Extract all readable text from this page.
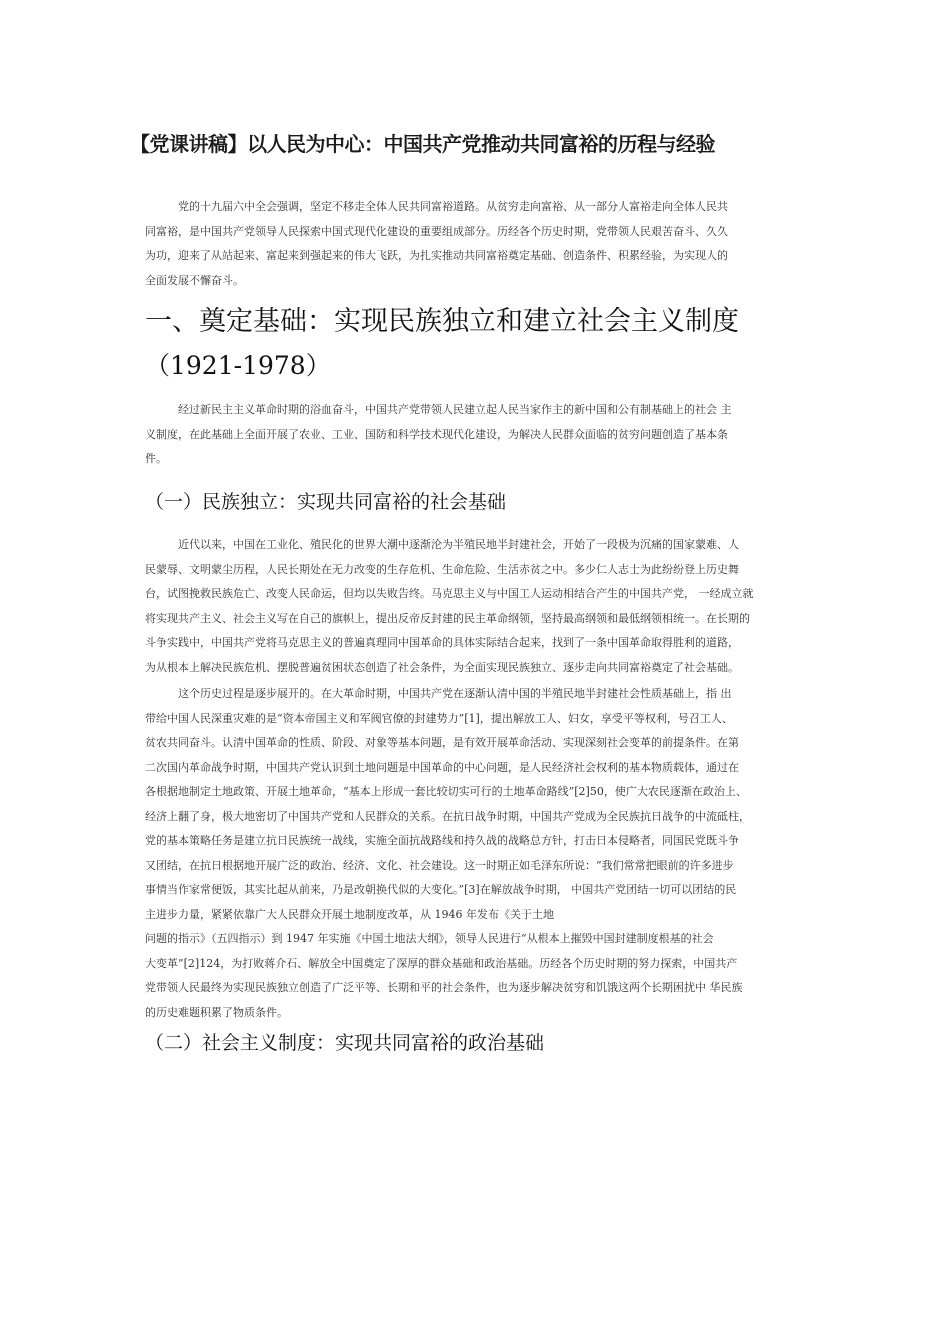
【党课讲稿】以人民为中心：中国共产党推动共同富裕的历程与经验
党的十九届六中全会强调，坚定不移走全体人民共同富裕道路。从贫穷走向富裕、从一部分人富裕走向全体人民共
同富裕，是中国共产党领导人民探索中国式现代化建设的重要组成部分。历经各个历史时期，党带领人民艰苦奋斗、久久
为功，迎来了从站起来、富起来到强起来的伟大飞跃，为扎实推动共同富裕奠定基础、创造条件、积累经验，为实现人的
全面发展不懈奋斗。
一、奠定基础：实现民族独立和建立社会主义制度
（1921-1978）
经过新民主主义革命时期的浴血奋斗，中国共产党带领人民建立起人民当家作主的新中国和公有制基础上的社会 主
义制度，在此基础上全面开展了农业、工业、国防和科学技术现代化建设，为解决人民群众面临的贫穷问题创造了基本条
件。
（一）民族独立：实现共同富裕的社会基础
近代以来，中国在工业化、殖民化的世界大潮中逐渐沦为半殖民地半封建社会，开始了一段极为沉痛的国家蒙难、人
民蒙辱、文明蒙尘历程，人民长期处在无力改变的生存危机、生命危险、生活赤贫之中。多少仁人志士为此纷纷登上历史舞
台，试图挽救民族危亡、改变人民命运，但均以失败告终。马克思主义与中国工人运动相结合产生的中国共产党， 一经成立就
将实现共产主义、社会主义写在自己的旗帜上，提出反帝反封建的民主革命纲领，坚持最高纲领和最低纲领相统一。在长期的
斗争实践中，中国共产党将马克思主义的普遍真理同中国革命的具体实际结合起来，找到了一条中国革命取得胜利的道路，
为从根本上解决民族危机、摆脱普遍贫困状态创造了社会条件，为全面实现民族独立、逐步走向共同富裕奠定了社会基础。
这个历史过程是逐步展开的。在大革命时期，中国共产党在逐渐认清中国的半殖民地半封建社会性质基础上，指 出
带给中国人民深重灾难的是“资本帝国主义和军阀官僚的封建势力”[1]，提出解放工人、妇女，享受平等权利，号召工人、
贫农共同奋斗。认清中国革命的性质、阶段、对象等基本问题，是有效开展革命活动、实现深刻社会变革的前提条件。在第
二次国内革命战争时期，中国共产党认识到土地问题是中国革命的中心问题，是人民经济社会权利的基本物质载体，通过在
各根据地制定土地政策、开展土地革命，“基本上形成一套比较切实可行的土地革命路线”[2]50，使广大农民逐渐在政治上、
经济上翻了身，极大地密切了中国共产党和人民群众的关系。在抗日战争时期，中国共产党成为全民族抗日战争的中流砥柱，
党的基本策略任务是建立抗日民族统一战线，实施全面抗战路线和持久战的战略总方针，打击日本侵略者，同国民党既斗争
又团结，在抗日根据地开展广泛的政治、经济、文化、社会建设。这一时期正如毛泽东所说：“我们常常把眼前的许多进步
事情当作家常便饭，其实比起从前来，乃是改朝换代似的大变化。”[3]在解放战争时期， 中国共产党团结一切可以团结的民
主进步力量，紧紧依靠广大人民群众开展土地制度改革，从 1946 年发布《关于土地
问题的指示》（五四指示）到 1947 年实施《中国土地法大纲》，领导人民进行“从根本上摧毁中国封建制度根基的社会
大变革”[2]124，为打败蒋介石、解放全中国奠定了深厚的群众基础和政治基础。历经各个历史时期的努力探索，中国共产
党带领人民最终为实现民族独立创造了广泛平等、长期和平的社会条件，也为逐步解决贫穷和饥饿这两个长期困扰中 华民族
的历史难题积累了物质条件。
（二）社会主义制度：实现共同富裕的政治基础
